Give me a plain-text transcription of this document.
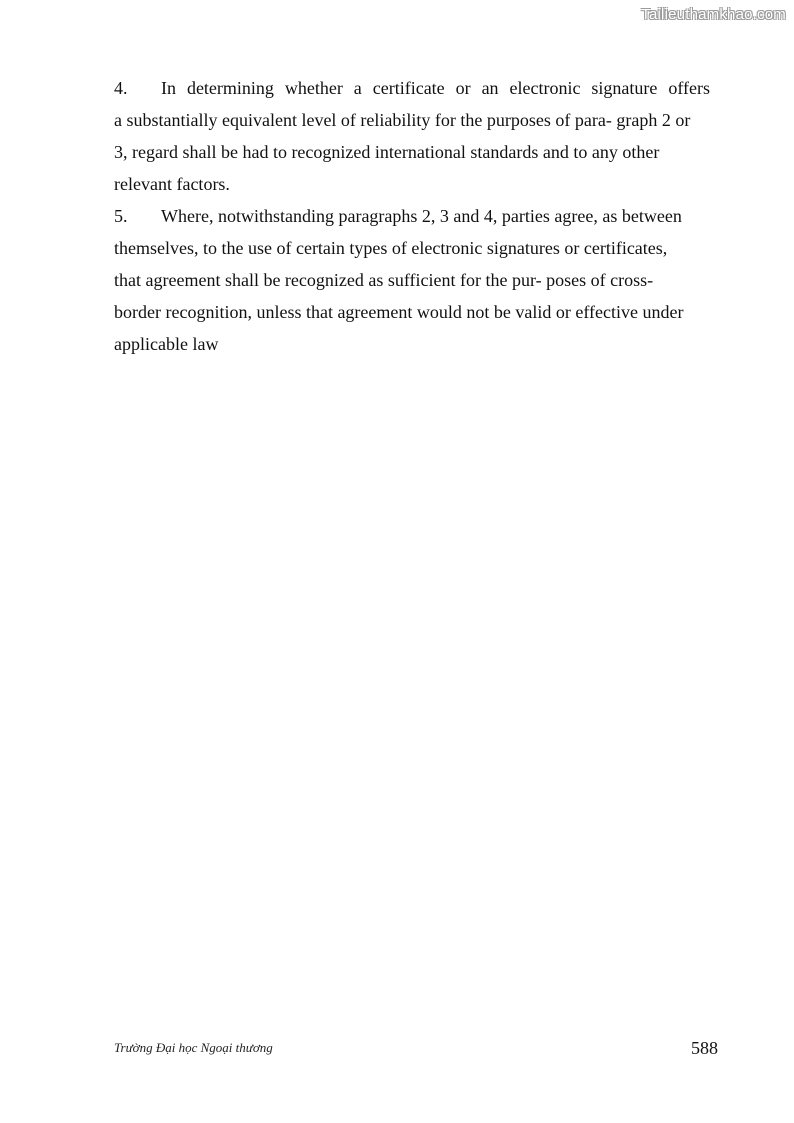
Tailieuthamkhao.com
4. In determining whether a certificate or an electronic signature offers
a substantially equivalent level of reliability for the purposes of para- graph 2 or
3, regard shall be had to recognized international standards and to any other
relevant factors.
5. Where, notwithstanding paragraphs 2, 3 and 4, parties agree, as between
themselves, to the use of certain types of electronic signatures or certificates,
that agreement shall be recognized as sufficient for the pur- poses of cross-
border recognition, unless that agreement would not be valid or effective under
applicable law
Trường Đại học Ngoại thương	588
